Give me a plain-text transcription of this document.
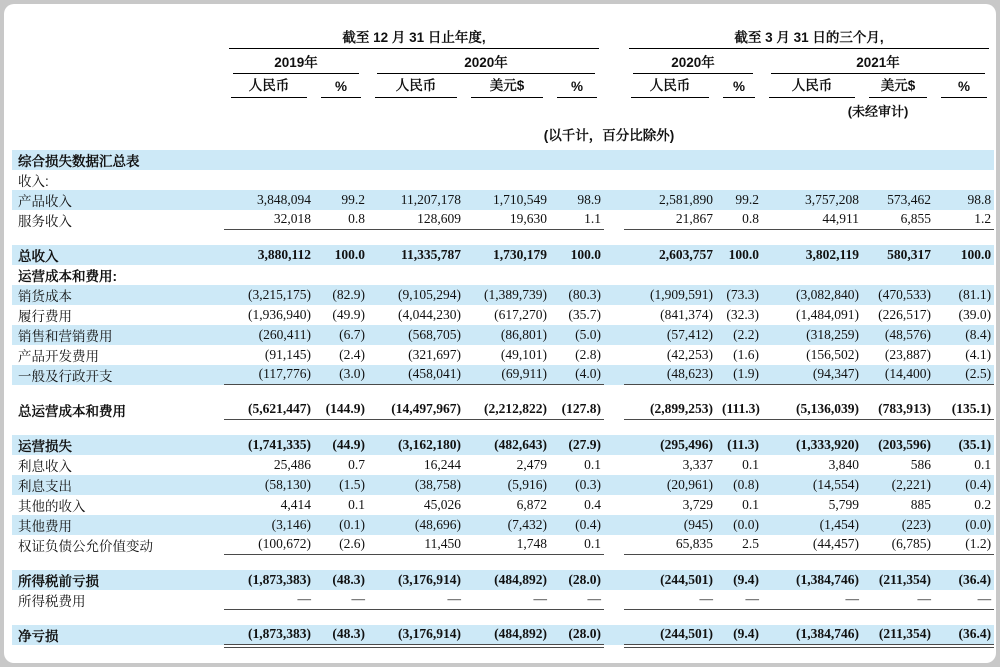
	截至 12 月 31 日止年度,						截至 3 月 31 日的三个月,				

	2019年		2020年				2020年		2021年		

	人民币	%	人民币	美元$	%		人民币	%	人民币	美元$	%

									(未经审计)		
	(以千计，百分比除外)										
综合损失数据汇总表											
收入:											
产品收入	3,848,094	99.2	11,207,178	1,710,549	98.9		2,581,890	99.2	3,757,208	573,462	98.8

服务收入	32,018	0.8	128,609	19,630	1.1		21,867	0.8	44,911	6,855	1.2

总收入	3,880,112	100.0	11,335,787	1,730,179	100.0		2,603,757	100.0	3,802,119	580,317	100.0

运营成本和费用:											
销货成本	(3,215,175)	(82.9)	(9,105,294)	(1,389,739)	(80.3)		(1,909,591)	(73.3)	(3,082,840)	(470,533)	(81.1)

履行费用	(1,936,940)	(49.9)	(4,044,230)	(617,270)	(35.7)		(841,374)	(32.3)	(1,484,091)	(226,517)	(39.0)

销售和营销费用	(260,411)	(6.7)	(568,705)	(86,801)	(5.0)		(57,412)	(2.2)	(318,259)	(48,576)	(8.4)

产品开发费用	(91,145)	(2.4)	(321,697)	(49,101)	(2.8)		(42,253)	(1.6)	(156,502)	(23,887)	(4.1)

一般及行政开支	(117,776)	(3.0)	(458,041)	(69,911)	(4.0)		(48,623)	(1.9)	(94,347)	(14,400)	(2.5)

总运营成本和费用	(5,621,447)	(144.9)	(14,497,967)	(2,212,822)	(127.8)		(2,899,253)	(111.3)	(5,136,039)	(783,913)	(135.1)

运营损失	(1,741,335)	(44.9)	(3,162,180)	(482,643)	(27.9)		(295,496)	(11.3)	(1,333,920)	(203,596)	(35.1)

利息收入	25,486	0.7	16,244	2,479	0.1		3,337	0.1	3,840	586	0.1

利息支出	(58,130)	(1.5)	(38,758)	(5,916)	(0.3)		(20,961)	(0.8)	(14,554)	(2,221)	(0.4)

其他的收入	4,414	0.1	45,026	6,872	0.4		3,729	0.1	5,799	885	0.2

其他费用	(3,146)	(0.1)	(48,696)	(7,432)	(0.4)		(945)	(0.0)	(1,454)	(223)	(0.0)

权证负债公允价值变动	(100,672)	(2.6)	11,450	1,748	0.1		65,835	2.5	(44,457)	(6,785)	(1.2)

所得税前亏损	(1,873,383)	(48.3)	(3,176,914)	(484,892)	(28.0)		(244,501)	(9.4)	(1,384,746)	(211,354)	(36.4)

所得税费用	—	—	—	—	—		—	—	—	—	—

净亏损	(1,873,383)	(48.3)	(3,176,914)	(484,892)	(28.0)		(244,501)	(9.4)	(1,384,746)	(211,354)	(36.4)
